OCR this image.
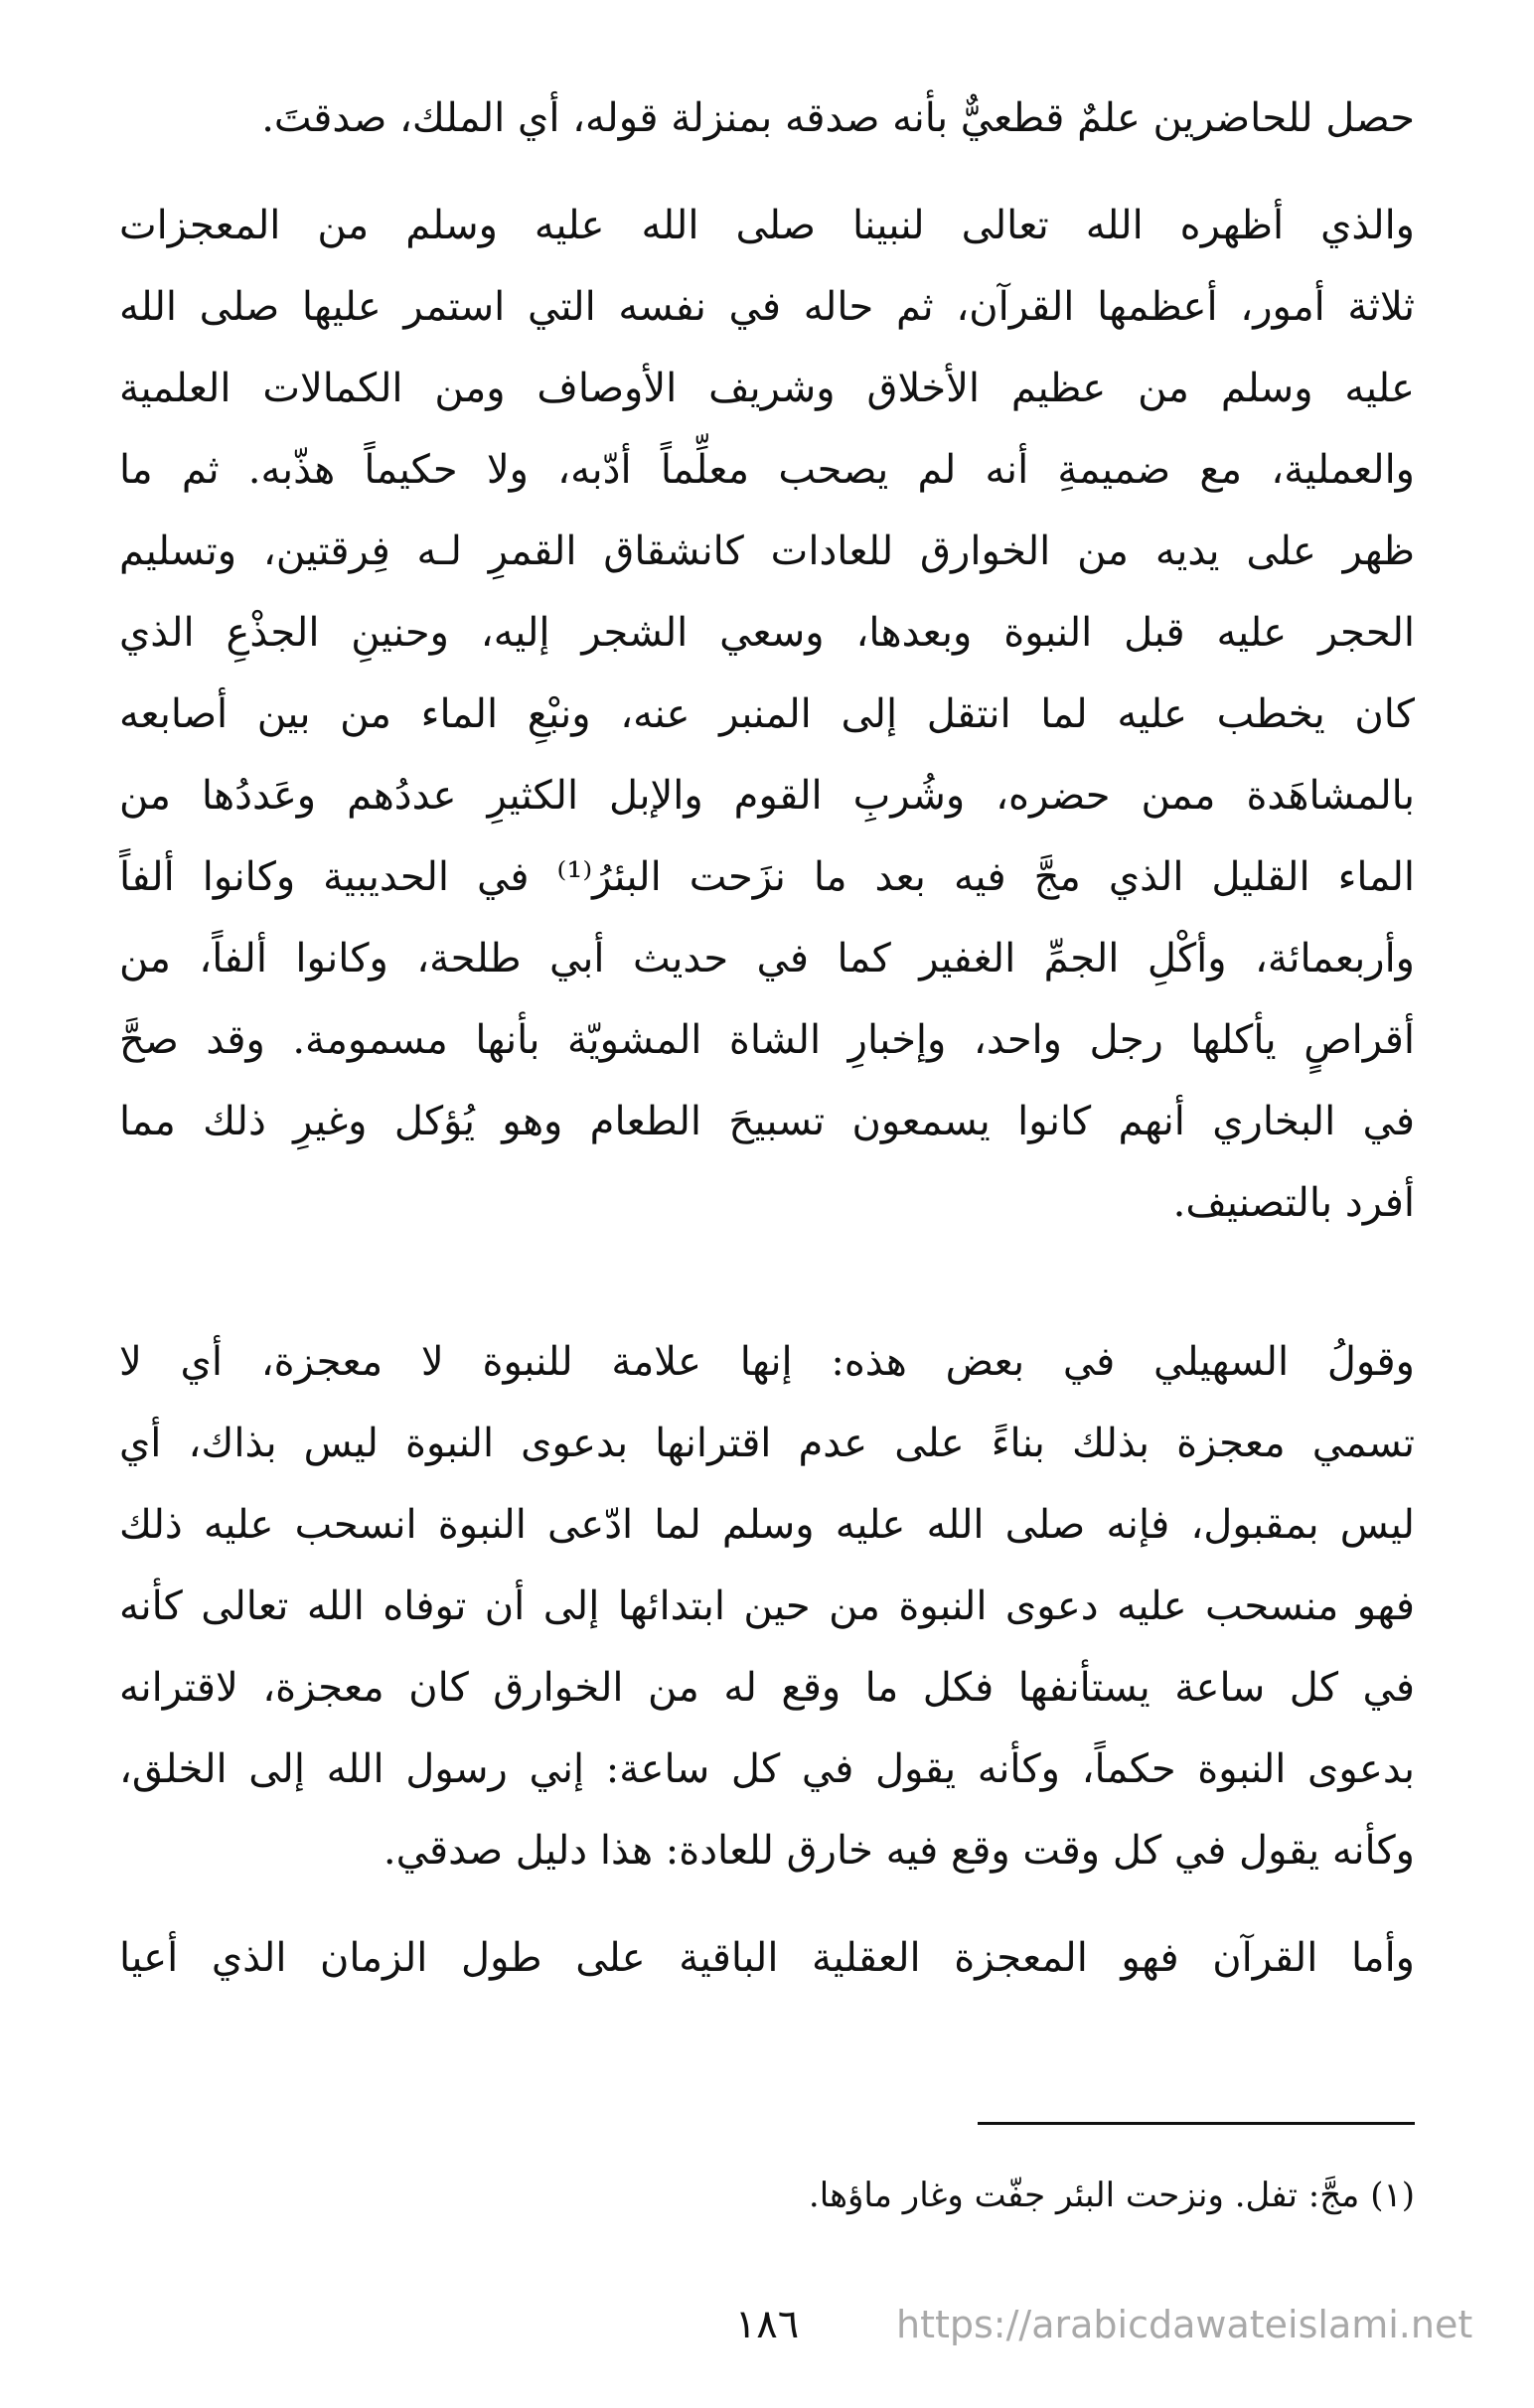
حصل للحاضرين علمٌ قطعيٌّ بأنه صدقه بمنزلة قوله، أي الملك، صدقتَ.
والذي أظهره الله تعالى لنبينا صلى الله عليه وسلم من المعجزات
ثلاثة أمور، أعظمها القرآن، ثم حاله في نفسه التي استمر عليها صلى الله
عليه وسلم من عظيم الأخلاق وشريف الأوصاف ومن الكمالات العلمية
والعملية، مع ضميمةِ أنه لم يصحب معلِّماً أدّبه، ولا حكيماً هذّبه. ثم ما
ظهر على يديه من الخوارق للعادات كانشقاق القمرِ لـه فِرقتين، وتسليم
الحجر عليه قبل النبوة وبعدها، وسعي الشجر إليه، وحنينِ الجذْعِ الذي
كان يخطب عليه لما انتقل إلى المنبر عنه، ونبْعِ الماء من بين أصابعه
بالمشاهَدة ممن حضره، وشُربِ القوم والإبل الكثيرِ عددُهم وعَددُها من
الماء القليل الذي مجَّ فيه بعد ما نزَحت البئرُ⁽¹⁾ في الحديبية وكانوا ألفاً
وأربعمائة، وأكْلِ الجمِّ الغفير كما في حديث أبي طلحة، وكانوا ألفاً، من
أقراصٍ يأكلها رجل واحد، وإخبارِ الشاة المشويّة بأنها مسمومة. وقد صحَّ
في البخاري أنهم كانوا يسمعون تسبيحَ الطعام وهو يُؤكل وغيرِ ذلك مما
أفرد بالتصنيف.
وقولُ السهيلي في بعض هذه: إنها علامة للنبوة لا معجزة، أي لا
تسمي معجزة بذلك بناءً على عدم اقترانها بدعوى النبوة ليس بذاك، أي
ليس بمقبول، فإنه صلى الله عليه وسلم لما ادّعى النبوة انسحب عليه ذلك
فهو منسحب عليه دعوى النبوة من حين ابتدائها إلى أن توفاه الله تعالى كأنه
في كل ساعة يستأنفها فكل ما وقع له من الخوارق كان معجزة، لاقترانه
بدعوى النبوة حكماً، وكأنه يقول في كل ساعة: إني رسول الله إلى الخلق،
وكأنه يقول في كل وقت وقع فيه خارق للعادة: هذا دليل صدقي.
وأما القرآن فهو المعجزة العقلية الباقية على طول الزمان الذي أعيا
(١) مجَّ: تفل. ونزحت البئر جفّت وغار ماؤها.
١٨٦	https://arabicdawateislami.net
